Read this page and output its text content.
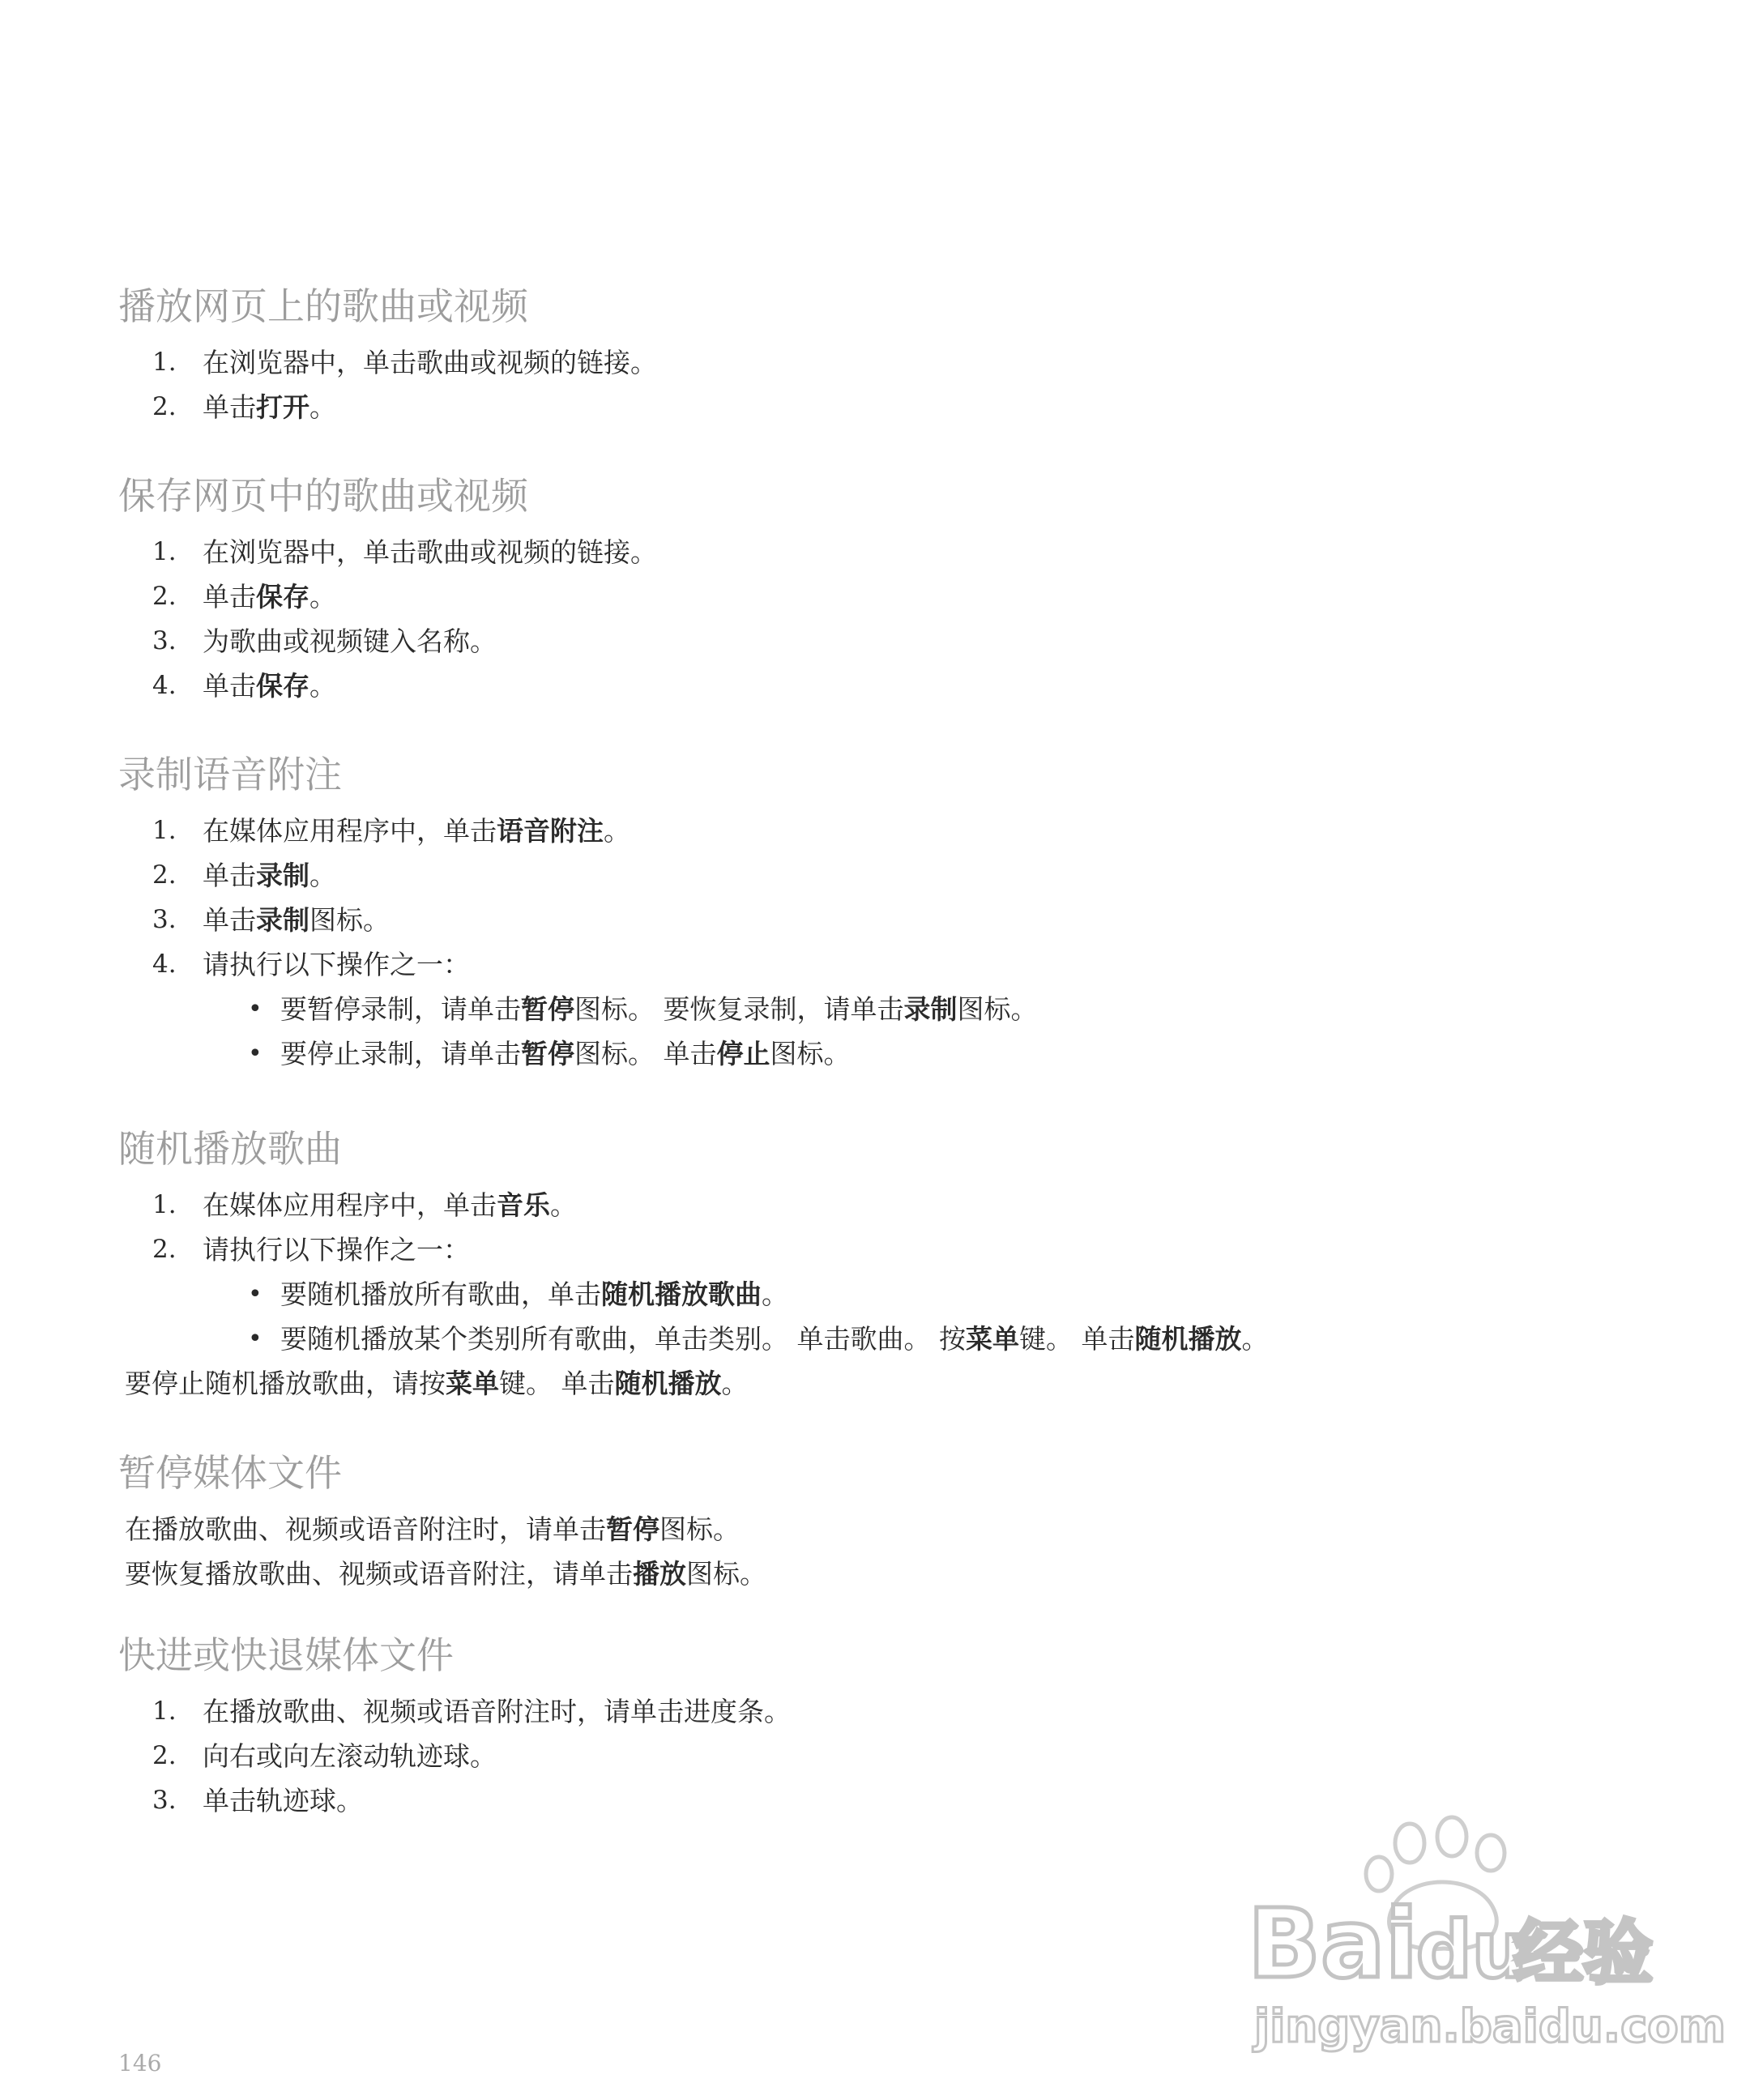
播放网页上的歌曲或视频
1. 在浏览器中，单击歌曲或视频的链接。
2. 单击打开。
保存网页中的歌曲或视频
1. 在浏览器中，单击歌曲或视频的链接。
2. 单击保存。
3. 为歌曲或视频键入名称。
4. 单击保存。
录制语音附注
1. 在媒体应用程序中，单击语音附注。
2. 单击录制。
3. 单击录制图标。
4. 请执行以下操作之一：
• 要暂停录制，请单击暂停图标。 要恢复录制，请单击录制图标。
• 要停止录制，请单击暂停图标。 单击停止图标。
随机播放歌曲
1. 在媒体应用程序中，单击音乐。
2. 请执行以下操作之一：
• 要随机播放所有歌曲，单击随机播放歌曲。
• 要随机播放某个类别所有歌曲，单击类别。 单击歌曲。 按菜单键。 单击随机播放。

要停止随机播放歌曲，请按菜单键。 单击随机播放。

暂停媒体文件

在播放歌曲、视频或语音附注时，请单击暂停图标。

要恢复播放歌曲、视频或语音附注，请单击播放图标。

快进或快退媒体文件
1. 在播放歌曲、视频或语音附注时，请单击进度条。
2. 向右或向左滚动轨迹球。
3. 单击轨迹球。
Bai
du
经验
jingyan.baidu.com
146
